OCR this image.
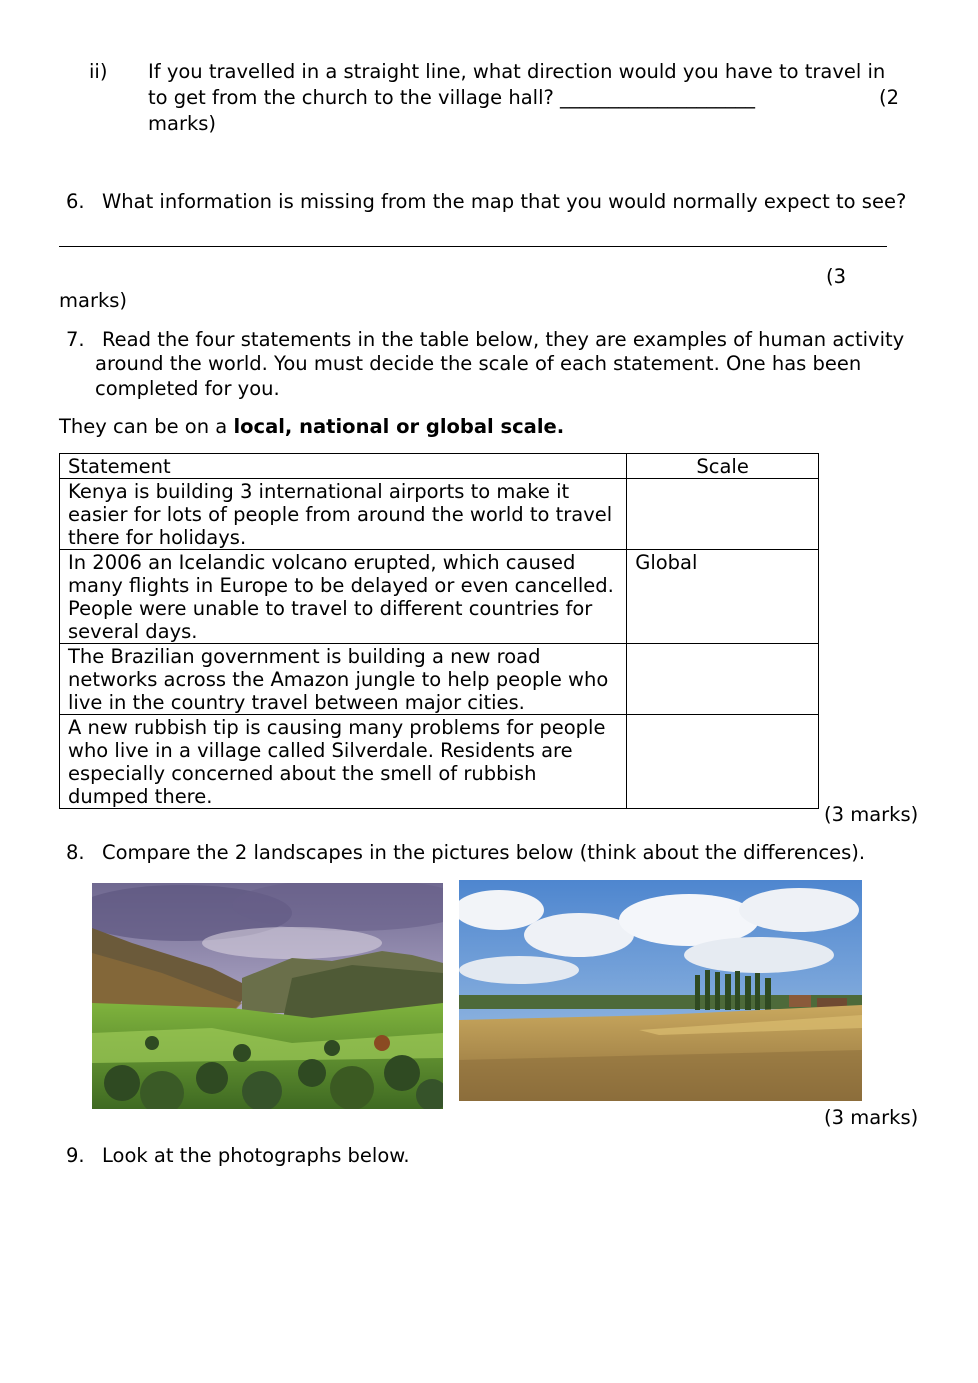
ii) If you travelled in a straight line, what direction would you have to travel in
to get from the church to the village hall? ____________________	(2
marks)
6. What information is missing from the map that you would normally expect to see?
(3
marks)
7. Read the four statements in the table below, they are examples of human activity
around the world. You must decide the scale of each statement. One has been
completed for you.
They can be on a local, national or global scale.
Statement	Scale
Kenya is building 3 international airports to make it easier for lots of people from around the world to travel there for holidays.	
In 2006 an Icelandic volcano erupted, which caused many flights in Europe to be delayed or even cancelled. People were unable to travel to different countries for several days.	Global
The Brazilian government is building a new road networks across the Amazon jungle to help people who live in the country travel between major cities.	
A new rubbish tip is causing many problems for people who live in a village called Silverdale. Residents are especially concerned about the smell of rubbish dumped there.	
(3 marks)
8. Compare the 2 landscapes in the pictures below (think about the differences).
(3 marks)
9. Look at the photographs below.
